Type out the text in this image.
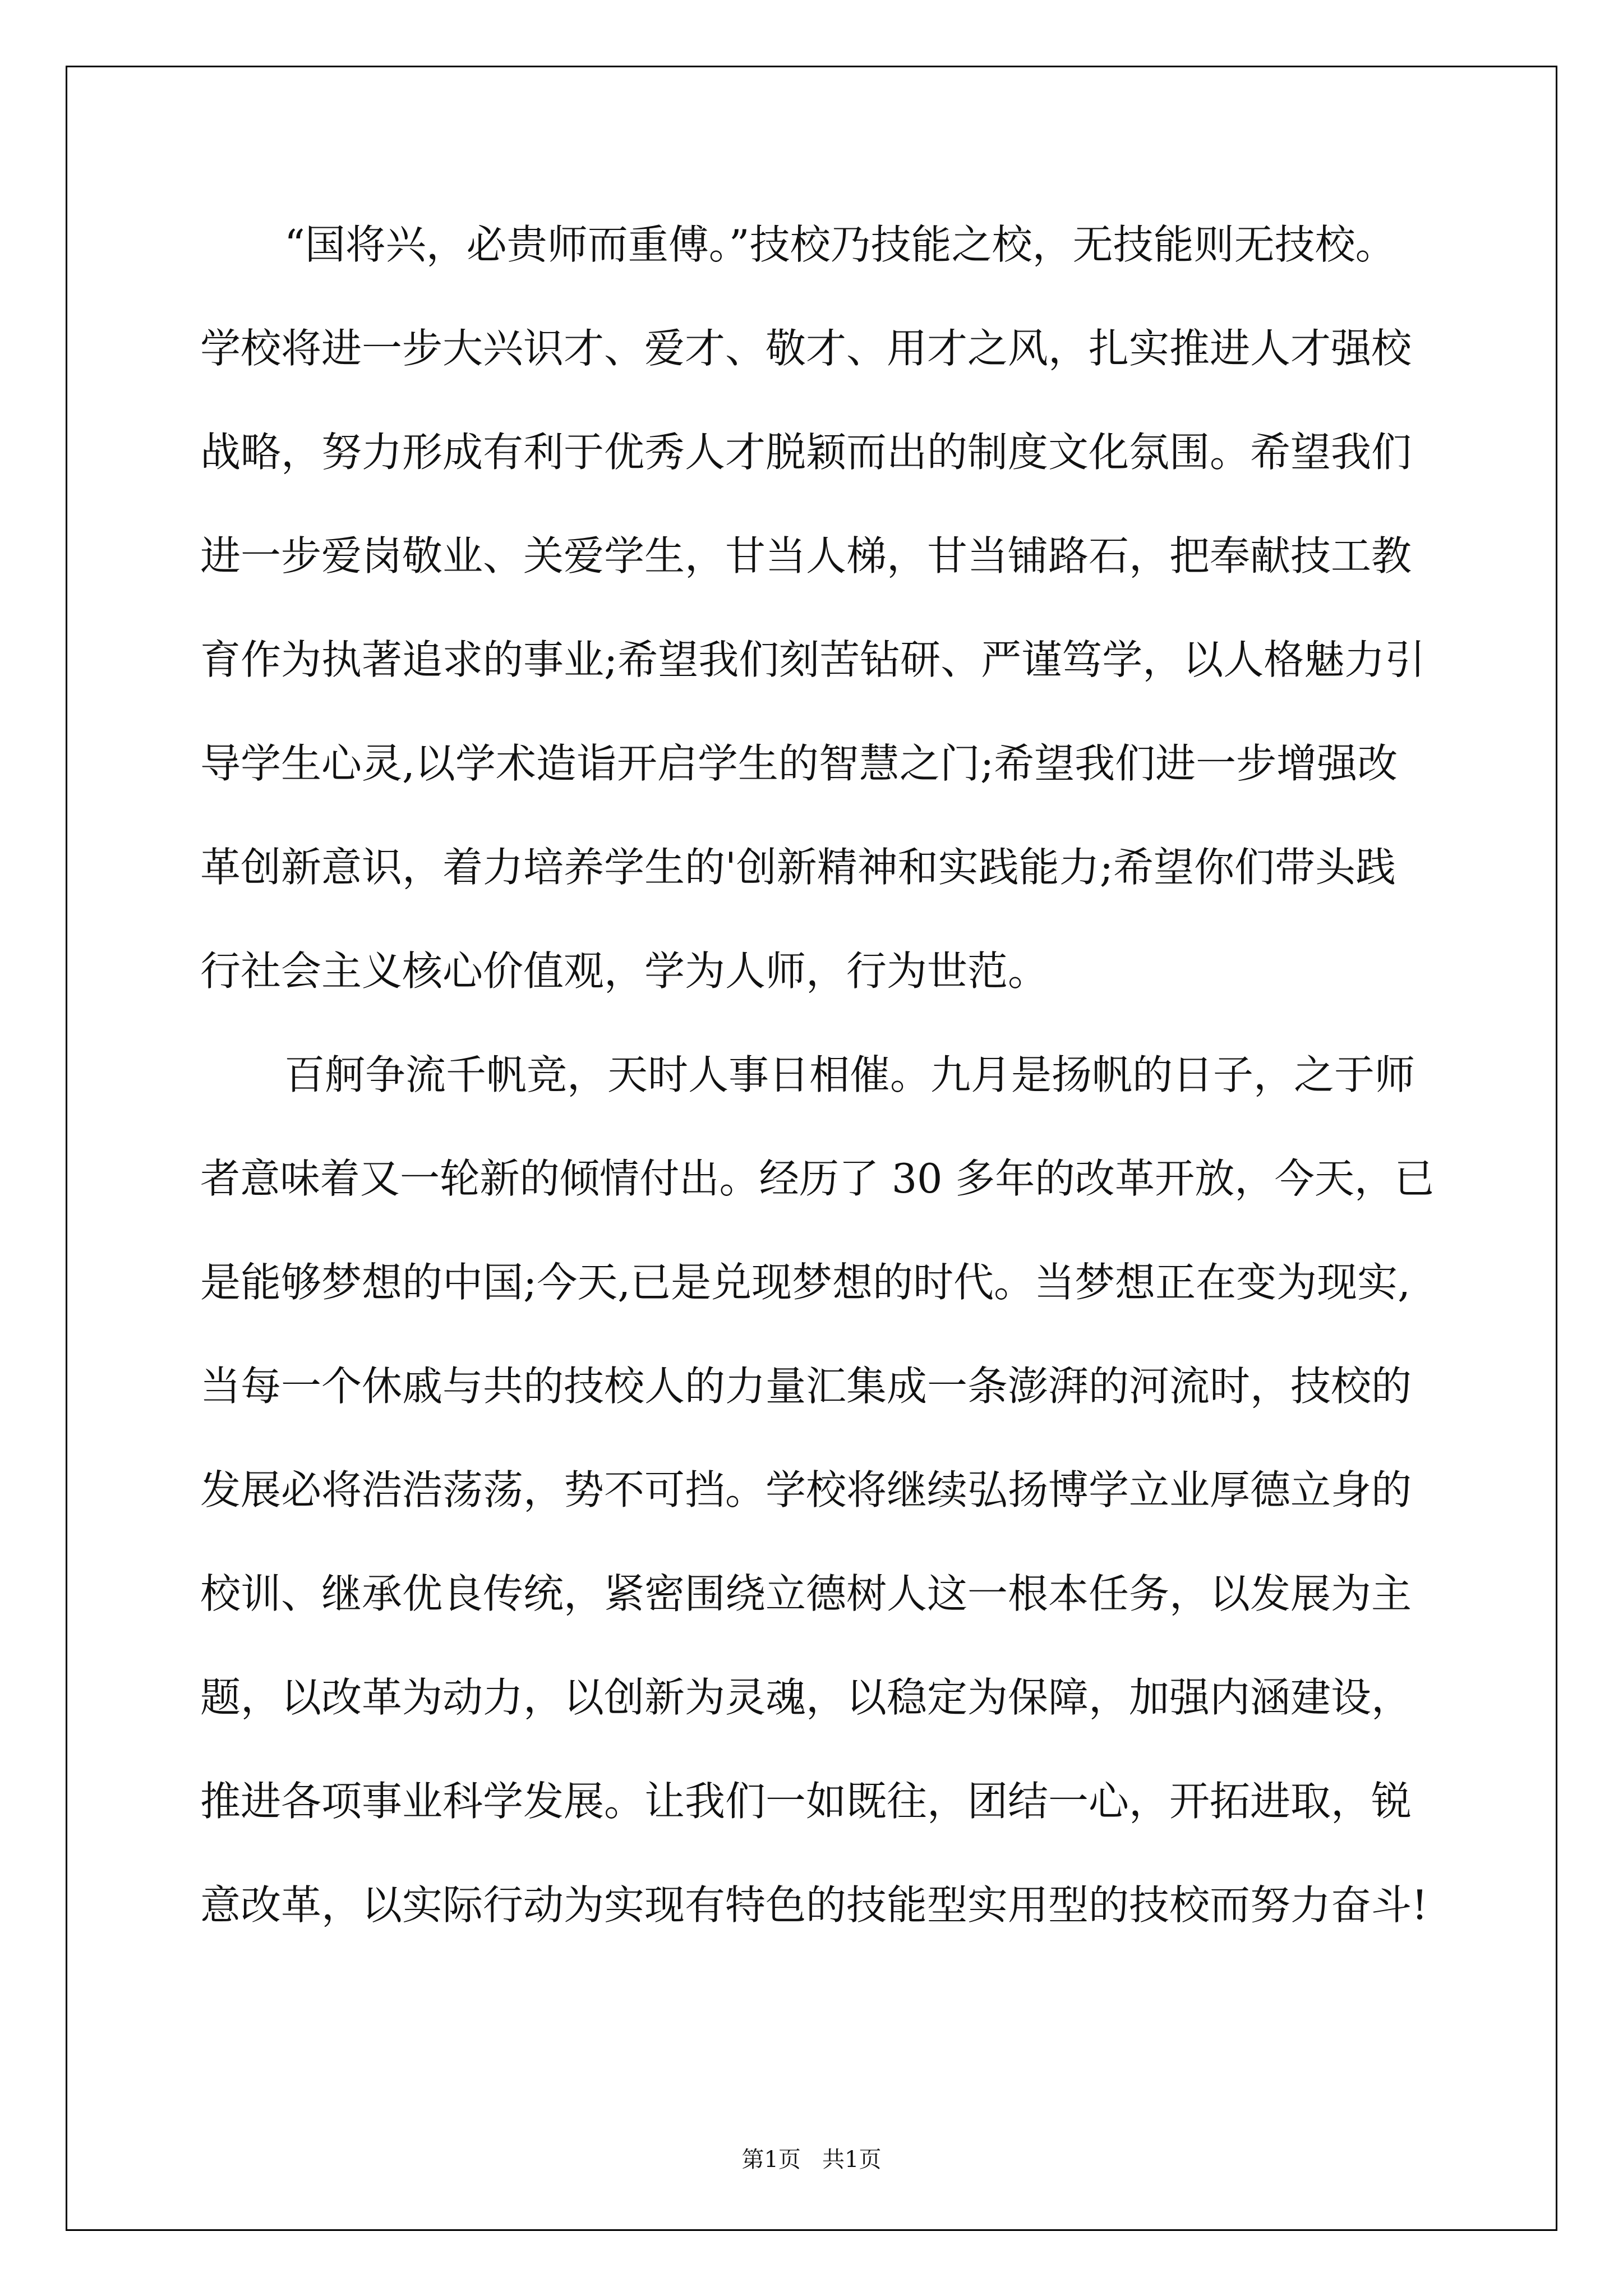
“国将兴，必贵师而重傅。”技校乃技能之校，无技能则无技校。
学校将进一步大兴识才、爱才、敬才、用才之风，扎实推进人才强校
战略，努力形成有利于优秀人才脱颖而出的制度文化氛围。希望我们
进一步爱岗敬业、关爱学生，甘当人梯，甘当铺路石，把奉献技工教
育作为执著追求的事业;希望我们刻苦钻研、严谨笃学，以人格魅力引
导学生心灵,以学术造诣开启学生的智慧之门;希望我们进一步增强改
革创新意识，着力培养学生的'创新精神和实践能力;希望你们带头践
行社会主义核心价值观，学为人师，行为世范。
百舸争流千帆竞，天时人事日相催。九月是扬帆的日子，之于师
者意味着又一轮新的倾情付出。经历了 30 多年的改革开放，今天，已
是能够梦想的中国;今天,已是兑现梦想的时代。当梦想正在变为现实,
当每一个休戚与共的技校人的力量汇集成一条澎湃的河流时，技校的
发展必将浩浩荡荡，势不可挡。学校将继续弘扬博学立业厚德立身的
校训、继承优良传统，紧密围绕立德树人这一根本任务，以发展为主
题，以改革为动力，以创新为灵魂，以稳定为保障，加强内涵建设，
推进各项事业科学发展。让我们一如既往，团结一心，开拓进取，锐
意改革，以实际行动为实现有特色的技能型实用型的技校而努力奋斗!
第1页   共1页
